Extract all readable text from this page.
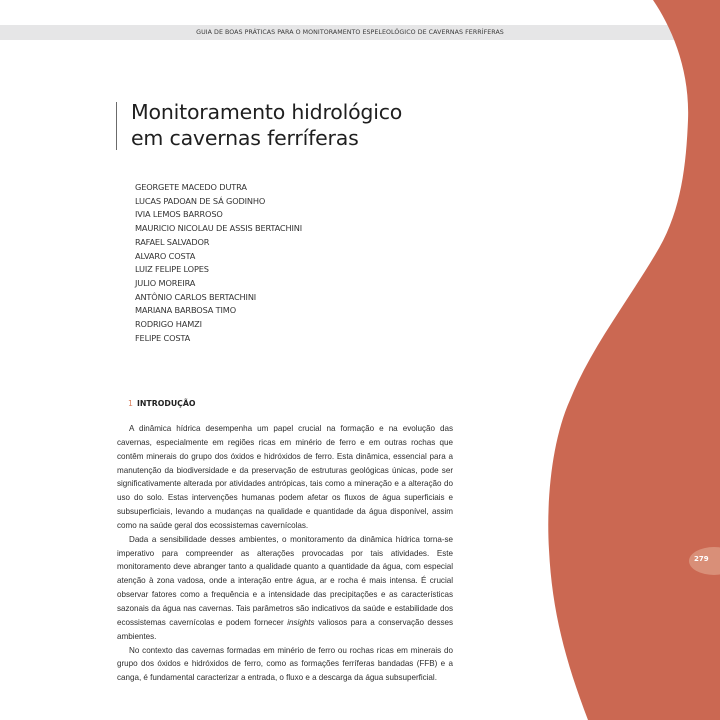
GUIA DE BOAS PRÁTICAS PARA O MONITORAMENTO ESPELEOLÓGICO DE CAVERNAS FERRÍFERAS
Monitoramento hidrológico
em cavernas ferríferas
GEORGETE MACEDO DUTRA
LUCAS PADOAN DE SÁ GODINHO
IVIA LEMOS BARROSO
MAURICIO NICOLAU DE ASSIS BERTACHINI
RAFAEL SALVADOR
ALVARO COSTA
LUIZ FELIPE LOPES
JULIO MOREIRA
ANTÔNIO CARLOS BERTACHINI
MARIANA BARBOSA TIMO
RODRIGO HAMZI
FELIPE COSTA
1 INTRODUÇÃO

A dinâmica hídrica desempenha um papel crucial na formação e na evolução das cavernas, especialmente em regiões ricas em minério de ferro e em outras rochas que contêm minerais do grupo dos óxidos e hidróxidos de ferro. Esta dinâmica, essencial para a manutenção da biodiversidade e da preservação de estruturas geológicas únicas, pode ser significativamente alterada por atividades antrópicas, tais como a mineração e a alteração do uso do solo. Estas intervenções humanas podem afetar os fluxos de água superficiais e subsuperficiais, levando a mudanças na qualidade e quantidade da água disponível, assim como na saúde geral dos ecossistemas cavernícolas.

Dada a sensibilidade desses ambientes, o monitoramento da dinâmica hídrica torna-se imperativo para compreender as alterações provocadas por tais atividades. Este monitoramento deve abranger tanto a qualidade quanto a quantidade da água, com especial atenção à zona vadosa, onde a interação entre água, ar e rocha é mais intensa. É crucial observar fatores como a frequência e a intensidade das precipitações e as características sazonais da água nas cavernas. Tais parâmetros são indicativos da saúde e estabilidade dos ecossistemas cavernícolas e podem fornecer insights valiosos para a conservação desses ambientes.

No contexto das cavernas formadas em minério de ferro ou rochas ricas em minerais do grupo dos óxidos e hidróxidos de ferro, como as formações ferríferas bandadas (FFB) e a canga, é fundamental caracterizar a entrada, o fluxo e a descarga da água subsuperficial.

279
